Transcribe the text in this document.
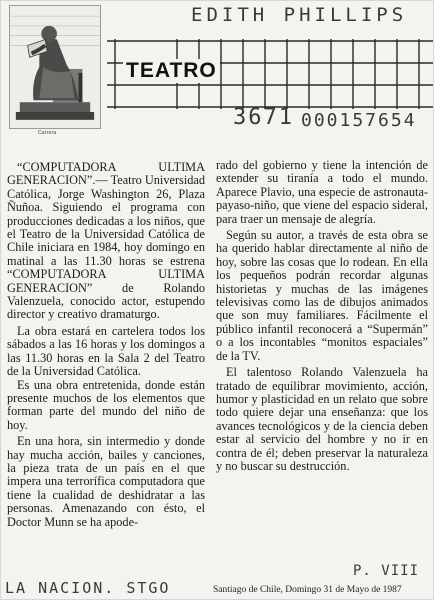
Carrera
TEATRO
EDITH PHILLIPS
3671 000157654

“COMPUTADORA ULTIMA GENERACION”.— Teatro Universidad Católica, Jorge Washington 26, Plaza Ñuñoa. Siguiendo el programa con producciones dedicadas a los niños, que el Teatro de la Universidad Católica de Chile iniciara en 1984, hoy domingo en matinal a las 11.30 horas se estrena “COMPUTADORA ULTIMA GENERACION” de Rolando Valenzuela, conocido actor, estupendo director y creativo dramaturgo.

La obra estará en cartelera todos los sábados a las 16 horas y los domingos a las 11.30 horas en la Sala 2 del Teatro de la Universidad Católica.

Es una obra entretenida, donde están presente muchos de los elementos que forman parte del mundo del niño de hoy.

En una hora, sin intermedio y donde hay mucha acción, bailes y canciones, la pieza trata de un país en el que impera una terrorífica computadora que tiene la cualidad de deshidratar a las personas. Amenazando con ésto, el Doctor Munn se ha apode-

rado del gobierno y tiene la intención de extender su tiranía a todo el mundo. Aparece Plavio, una especie de astronauta-payaso-niño, que viene del espacio sideral, para traer un mensaje de alegría.

Según su autor, a través de esta obra se ha querido hablar directamente al niño de hoy, sobre las cosas que lo rodean. En ella los pequeños podrán recordar algunas historietas y muchas de las imágenes televisivas como las de dibujos animados que son muy familiares. Fácilmente el público infantil reconocerá a “Supermán” o a los incontables “monitos espaciales” de la TV.

El talentoso Rolando Valenzuela ha tratado de equilibrar movimiento, acción, humor y plasticidad en un relato que sobre todo quiere dejar una enseñanza: que los avances tecnológicos y de la ciencia deben estar al servicio del hombre y no ir en contra de él; deben preservar la naturaleza y no buscar su destrucción.

P. VIII
LA NACION. STGO	Santiago de Chile, Domingo 31 de Mayo de 1987
